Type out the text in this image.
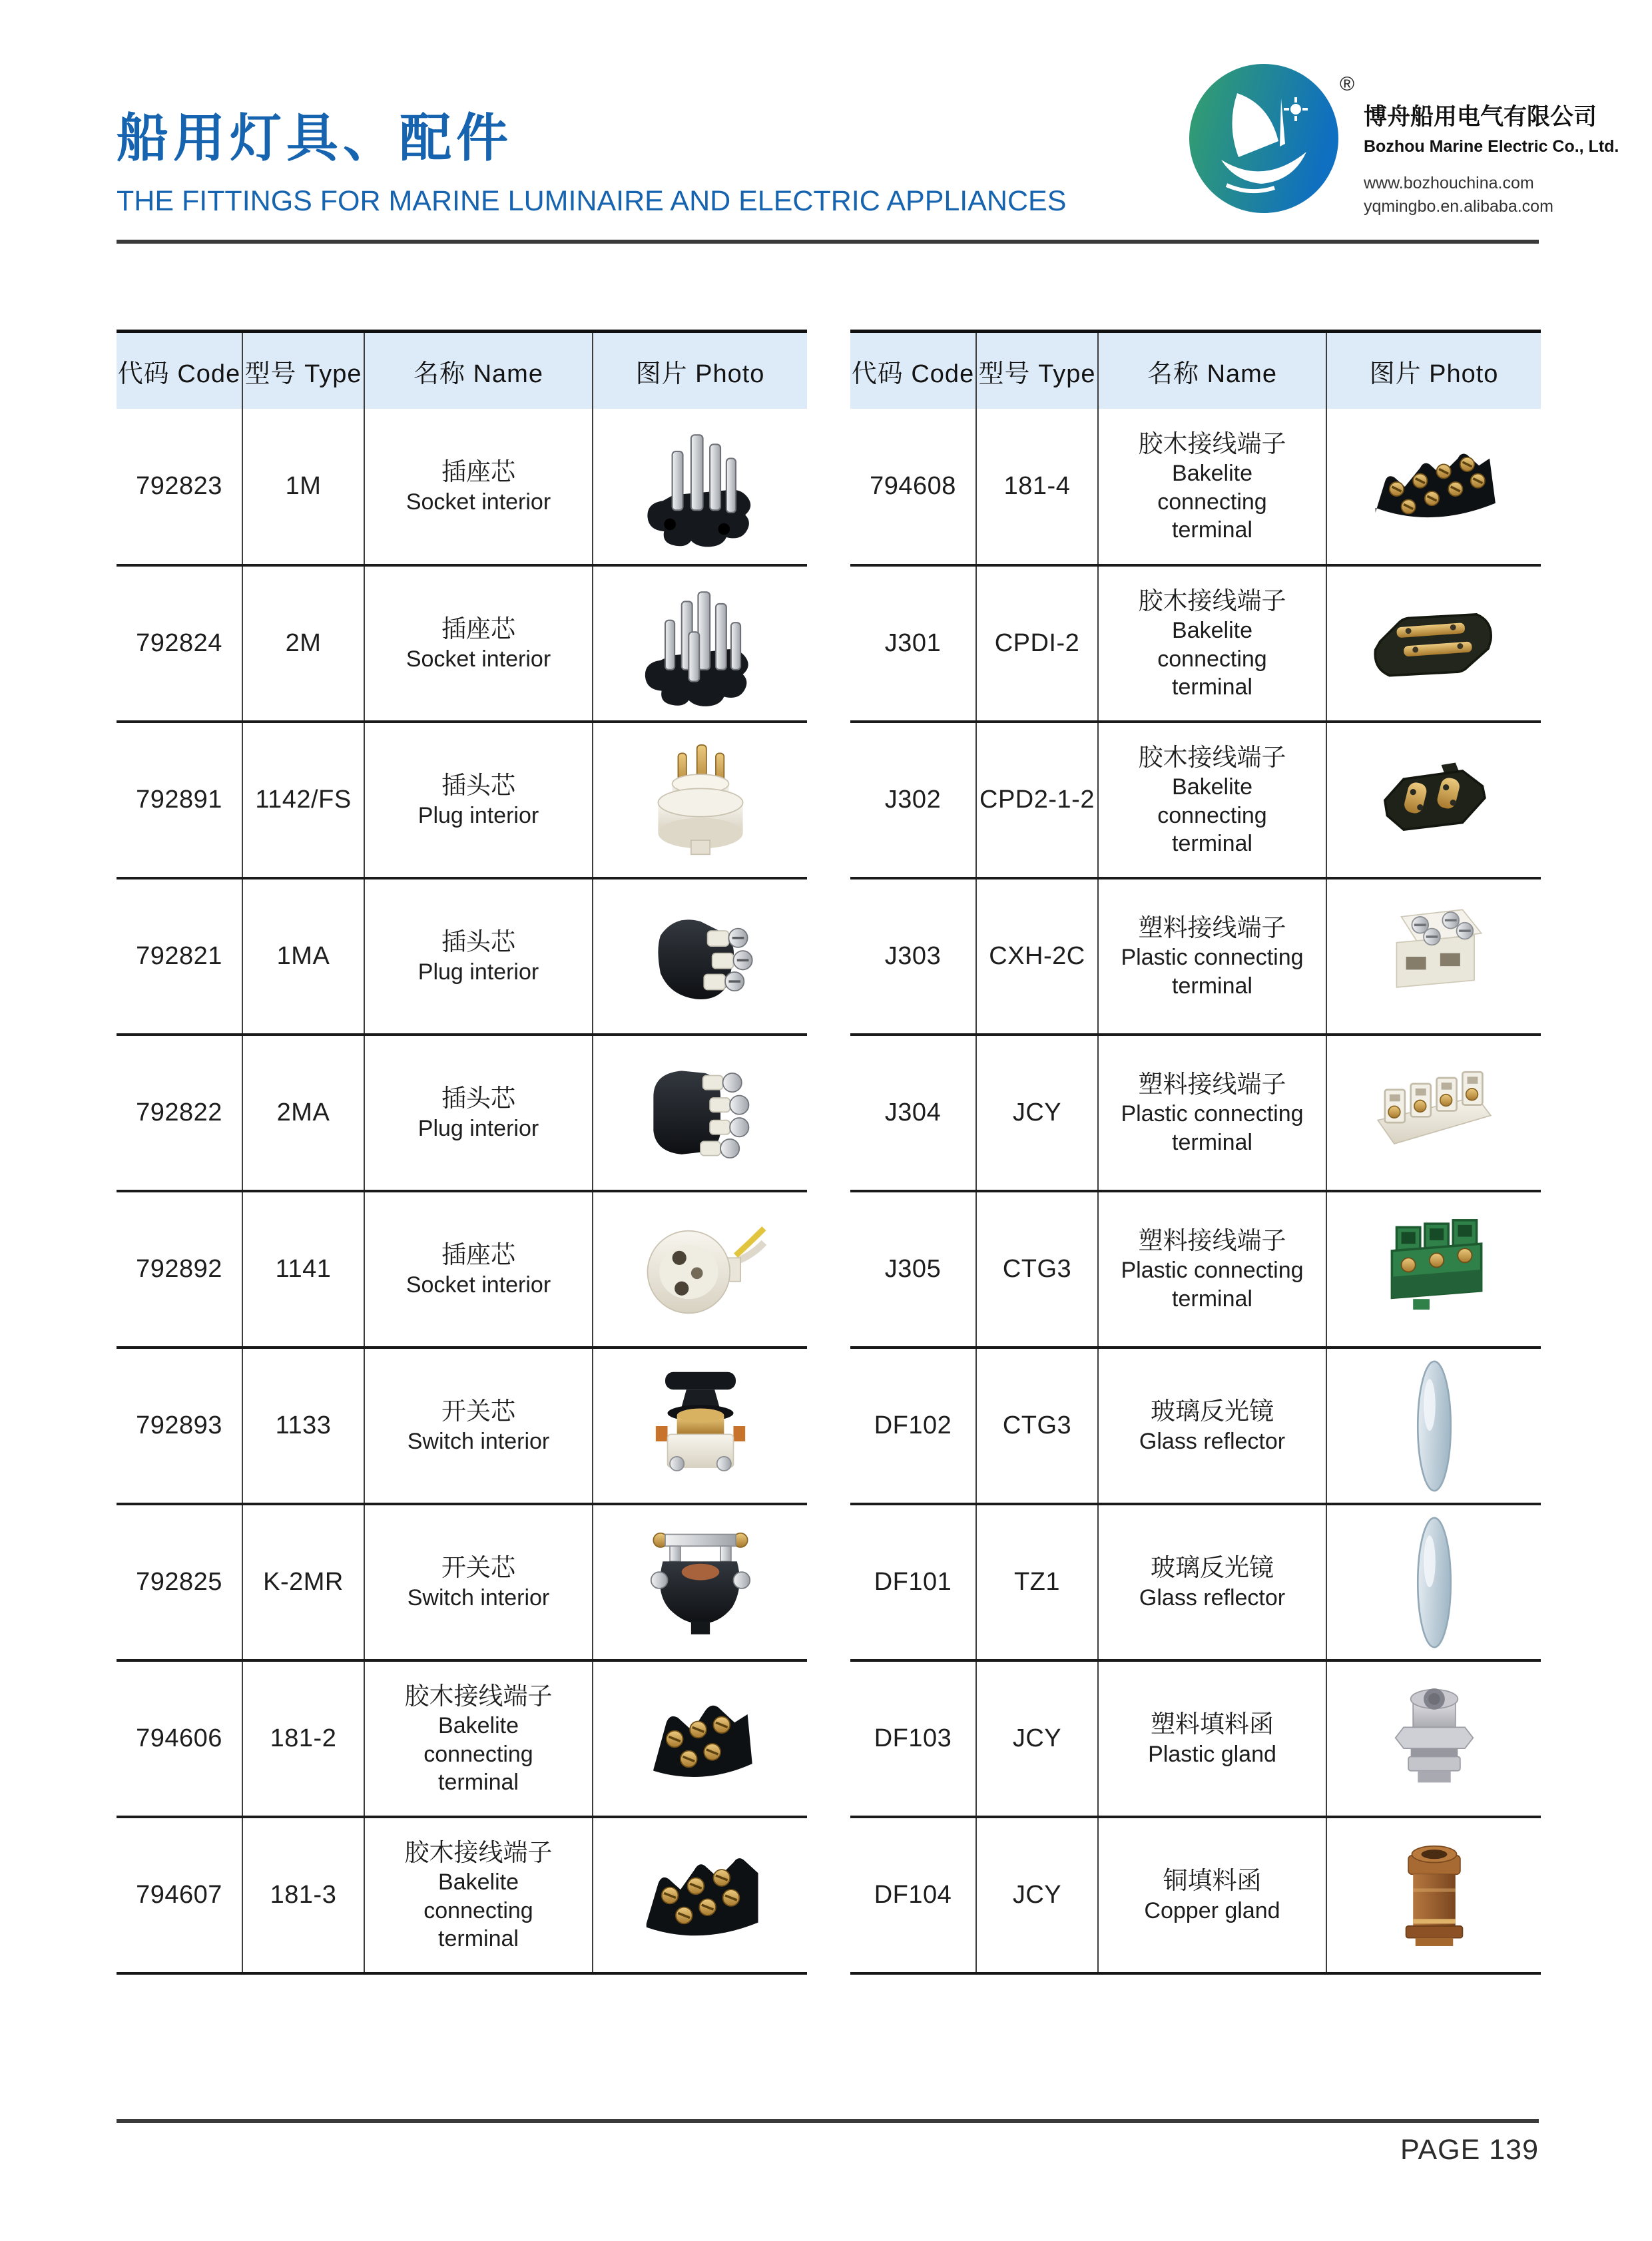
船用灯具、配件
THE FITTINGS FOR MARINE LUMINAIRE AND ELECTRIC APPLIANCES
®
博舟船用电气有限公司
Bozhou Marine Electric Co., Ltd.
www.bozhouchina.com
yqmingbo.en.alibaba.com
代码 Code	型号 Type	名称 Name	图片 Photo
792823	1M	插座芯
Socket interior	
792824	2M	插座芯
Socket interior	
792891	1142/FS	插头芯
Plug interior	
792821	1MA	插头芯
Plug interior	
792822	2MA	插头芯
Plug interior	
792892	1141	插座芯
Socket interior	
792893	1133	开关芯
Switch interior	
792825	K-2MR	开关芯
Switch interior	
794606	181-2	胶木接线端子
Bakelite connecting terminal	
794607	181-3	胶木接线端子
Bakelite connecting terminal	
代码 Code	型号 Type	名称 Name	图片 Photo
794608	181-4	胶木接线端子
Bakelite connecting terminal	
J301	CPDI-2	胶木接线端子
Bakelite connecting terminal	
J302	CPD2-1-2	胶木接线端子
Bakelite connecting terminal	
J303	CXH-2C	塑料接线端子
Plastic connecting terminal	
J304	JCY	塑料接线端子
Plastic connecting terminal	
J305	CTG3	塑料接线端子
Plastic connecting terminal	
DF102	CTG3	玻璃反光镜
Glass reflector	
DF101	TZ1	玻璃反光镜
Glass reflector	
DF103	JCY	塑料填料函
Plastic gland	
DF104	JCY	铜填料函
Copper gland	
PAGE 139
